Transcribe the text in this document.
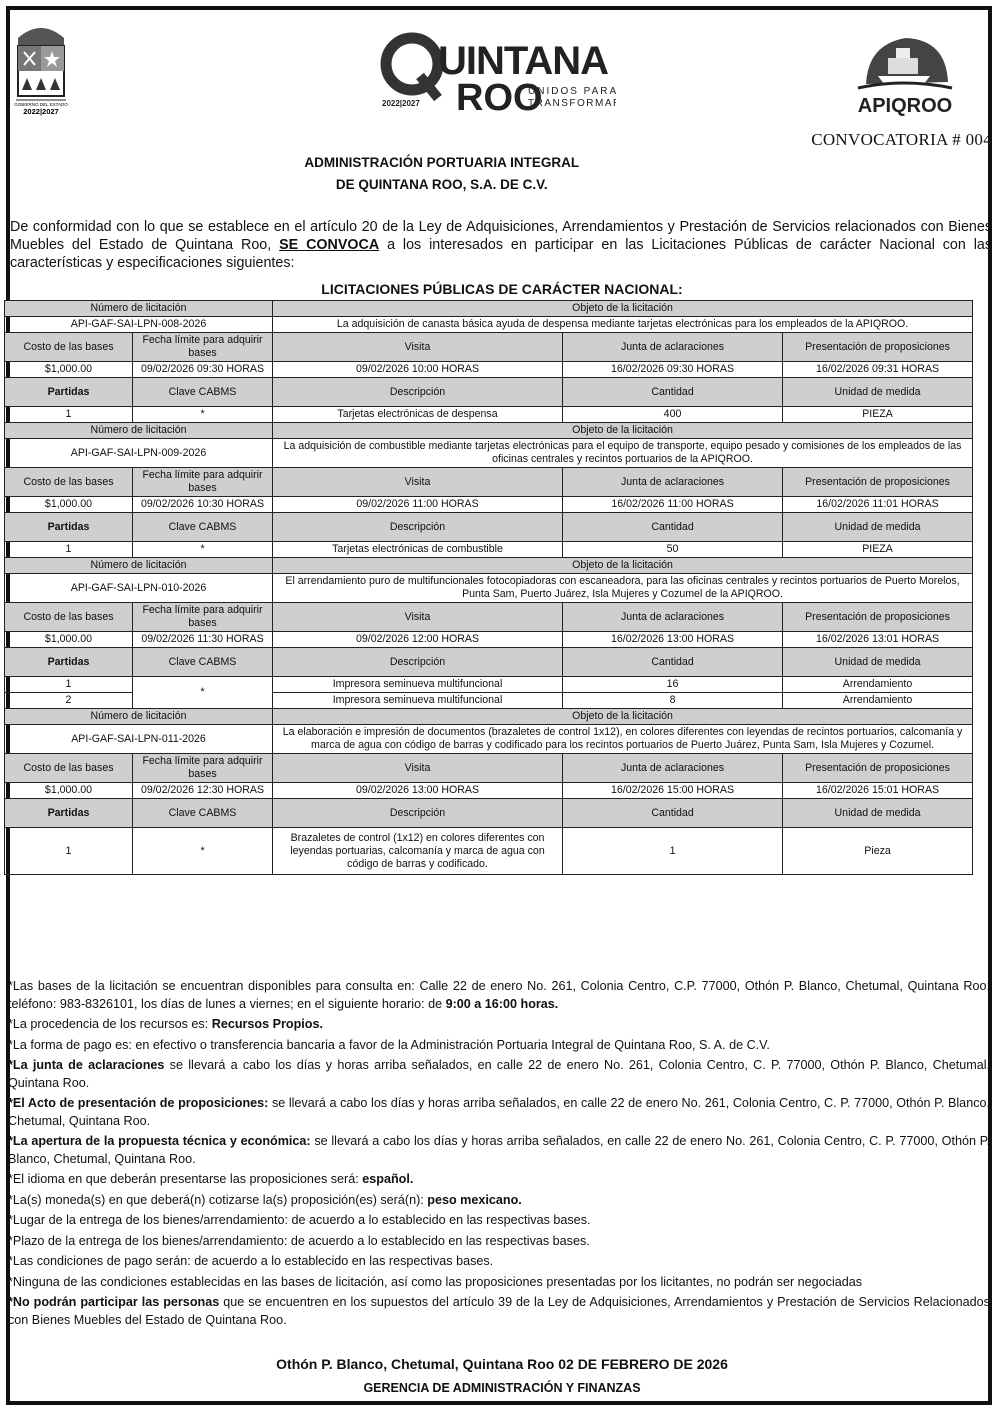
GOBIERNO DEL ESTADO
2022|2027
UINTANA
ROO
UNIDOS PARA
TRANSFORMAR
2022|2027	APIQROO
CONVOCATORIA # 004
ADMINISTRACIÓN PORTUARIA INTEGRAL
DE QUINTANA ROO, S.A. DE C.V.
De conformidad con lo que se establece en el artículo 20 de la Ley de Adquisiciones, Arrendamientos y Prestación de Servicios relacionados con Bienes Muebles del Estado de Quintana Roo, SE CONVOCA a los interesados en participar en las Licitaciones Públicas de carácter Nacional con las características y especificaciones siguientes:
LICITACIONES PÚBLICAS DE CARÁCTER NACIONAL:
Número de licitación		Objeto de la licitación		
API-GAF-SAI-LPN-008-2026		La adquisición de canasta básica ayuda de despensa mediante tarjetas electrónicas para los empleados de la APIQROO.		
Costo de las bases	Fecha límite para adquirir bases	Visita	Junta de aclaraciones	Presentación de proposiciones
$1,000.00	09/02/2026 09:30 HORAS	09/02/2026 10:00 HORAS	16/02/2026 09:30 HORAS	16/02/2026 09:31 HORAS
Partidas	Clave CABMS	Descripción	Cantidad	Unidad de medida
1	*	Tarjetas electrónicas de despensa	400	PIEZA
Número de licitación		Objeto de la licitación		
API-GAF-SAI-LPN-009-2026		La adquisición de combustible mediante tarjetas electrónicas para el equipo de transporte, equipo pesado y comisiones de los empleados de las oficinas centrales y recintos portuarios de la APIQROO.		
Costo de las bases	Fecha límite para adquirir bases	Visita	Junta de aclaraciones	Presentación de proposiciones
$1,000.00	09/02/2026 10:30 HORAS	09/02/2026 11:00 HORAS	16/02/2026 11:00 HORAS	16/02/2026 11:01 HORAS
Partidas	Clave CABMS	Descripción	Cantidad	Unidad de medida
1	*	Tarjetas electrónicas de combustible	50	PIEZA
Número de licitación		Objeto de la licitación		
API-GAF-SAI-LPN-010-2026		El arrendamiento puro de multifuncionales fotocopiadoras con escaneadora, para las oficinas centrales y recintos portuarios de Puerto Morelos, Punta Sam, Puerto Juárez, Isla Mujeres y Cozumel de la APIQROO.		
Costo de las bases	Fecha límite para adquirir bases	Visita	Junta de aclaraciones	Presentación de proposiciones
$1,000.00	09/02/2026 11:30 HORAS	09/02/2026 12:00 HORAS	16/02/2026 13:00 HORAS	16/02/2026 13:01 HORAS
Partidas	Clave CABMS	Descripción	Cantidad	Unidad de medida
1	*	Impresora seminueva multifuncional	16	Arrendamiento
2		Impresora seminueva multifuncional	8	Arrendamiento
Número de licitación		Objeto de la licitación		
API-GAF-SAI-LPN-011-2026		La elaboración e impresión de documentos (brazaletes de control 1x12), en colores diferentes con leyendas de recintos portuarios, calcomanía y marca de agua con código de barras y codificado para los recintos portuarios de Puerto Juárez, Punta Sam, Isla Mujeres y Cozumel.		
Costo de las bases	Fecha límite para adquirir bases	Visita	Junta de aclaraciones	Presentación de proposiciones
$1,000.00	09/02/2026 12:30 HORAS	09/02/2026 13:00 HORAS	16/02/2026 15:00 HORAS	16/02/2026 15:01 HORAS
Partidas	Clave CABMS	Descripción	Cantidad	Unidad de medida
1	*	Brazaletes de control (1x12) en colores diferentes con leyendas portuarias, calcomanía y marca de agua con código de barras y codificado.	1	Pieza

*Las bases de la licitación se encuentran disponibles para consulta en: Calle 22 de enero No. 261, Colonia Centro, C.P. 77000, Othón P. Blanco, Chetumal, Quintana Roo; teléfono: 983-8326101, los días de lunes a viernes; en el siguiente horario: de 9:00 a 16:00 horas.

*La procedencia de los recursos es: Recursos Propios.

*La forma de pago es: en efectivo o transferencia bancaria a favor de la Administración Portuaria Integral de Quintana Roo, S. A. de C.V.

*La junta de aclaraciones se llevará a cabo los días y horas arriba señalados, en calle 22 de enero No. 261, Colonia Centro, C. P. 77000, Othón P. Blanco, Chetumal, Quintana Roo.

*El Acto de presentación de proposiciones: se llevará a cabo los días y horas arriba señalados, en calle 22 de enero No. 261, Colonia Centro, C. P. 77000, Othón P. Blanco, Chetumal, Quintana Roo.

*La apertura de la propuesta técnica y económica: se llevará a cabo los días y horas arriba señalados, en calle 22 de enero No. 261, Colonia Centro, C. P. 77000, Othón P. Blanco, Chetumal, Quintana Roo.

*El idioma en que deberán presentarse las proposiciones será: español.

*La(s) moneda(s) en que deberá(n) cotizarse la(s) proposición(es) será(n): peso mexicano.

*Lugar de la entrega de los bienes/arrendamiento: de acuerdo a lo establecido en las respectivas bases.

*Plazo de la entrega de los bienes/arrendamiento: de acuerdo a lo establecido en las respectivas bases.

*Las condiciones de pago serán: de acuerdo a lo establecido en las respectivas bases.

*Ninguna de las condiciones establecidas en las bases de licitación, así como las proposiciones presentadas por los licitantes, no podrán ser negociadas

*No podrán participar las personas que se encuentren en los supuestos del artículo 39 de la Ley de Adquisiciones, Arrendamientos y Prestación de Servicios Relacionados con Bienes Muebles del Estado de Quintana Roo.

Othón P. Blanco, Chetumal, Quintana Roo 02 DE FEBRERO DE 2026
GERENCIA DE ADMINISTRACIÓN Y FINANZAS
